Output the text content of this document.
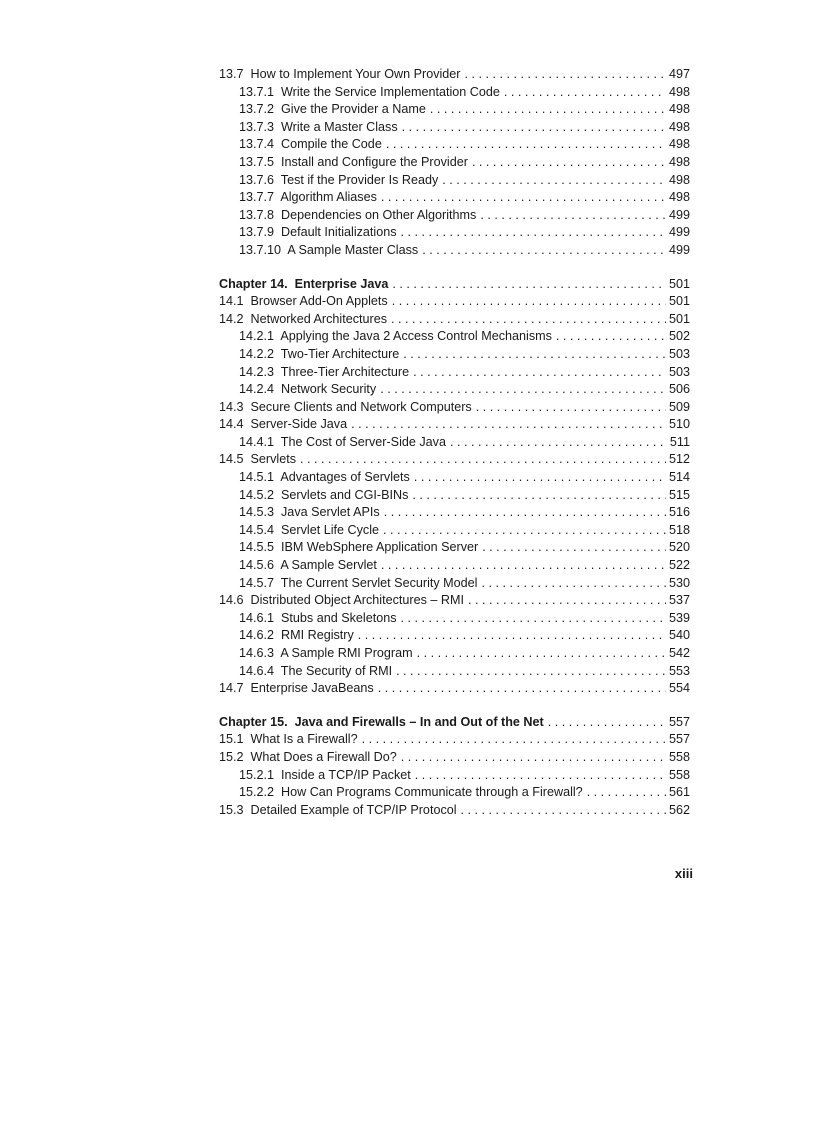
13.7  How to Implement Your Own Provider . . .	497
13.7.1  Write the Service Implementation Code . . .	498
13.7.2  Give the Provider a Name . . .	498
13.7.3  Write a Master Class . . .	498
13.7.4  Compile the Code . . .	498
13.7.5  Install and Configure the Provider . . .	498
13.7.6  Test if the Provider Is Ready . . .	498
13.7.7  Algorithm Aliases . . .	498
13.7.8  Dependencies on Other Algorithms . . .	499
13.7.9  Default Initializations . . .	499
13.7.10  A Sample Master Class . . .	499
Chapter 14.  Enterprise Java . . .	501
14.1  Browser Add-On Applets . . .	501
14.2  Networked Architectures . . .	501
14.2.1  Applying the Java 2 Access Control Mechanisms . . .	502
14.2.2  Two-Tier Architecture . . .	503
14.2.3  Three-Tier Architecture . . .	503
14.2.4  Network Security . . .	506
14.3  Secure Clients and Network Computers . . .	509
14.4  Server-Side Java . . .	510
14.4.1  The Cost of Server-Side Java . . .	511
14.5  Servlets . . .	512
14.5.1  Advantages of Servlets . . .	514
14.5.2  Servlets and CGI-BINs . . .	515
14.5.3  Java Servlet APIs . . .	516
14.5.4  Servlet Life Cycle . . .	518
14.5.5  IBM WebSphere Application Server . . .	520
14.5.6  A Sample Servlet . . .	522
14.5.7  The Current Servlet Security Model . . .	530
14.6  Distributed Object Architectures – RMI . . .	537
14.6.1  Stubs and Skeletons . . .	539
14.6.2  RMI Registry . . .	540
14.6.3  A Sample RMI Program . . .	542
14.6.4  The Security of RMI . . .	553
14.7  Enterprise JavaBeans . . .	554
Chapter 15.  Java and Firewalls – In and Out of the Net . . .	557
15.1  What Is a Firewall? . . .	557
15.2  What Does a Firewall Do? . . .	558
15.2.1  Inside a TCP/IP Packet . . .	558
15.2.2  How Can Programs Communicate through a Firewall? . . .	561
15.3  Detailed Example of TCP/IP Protocol . . .	562
xiii
